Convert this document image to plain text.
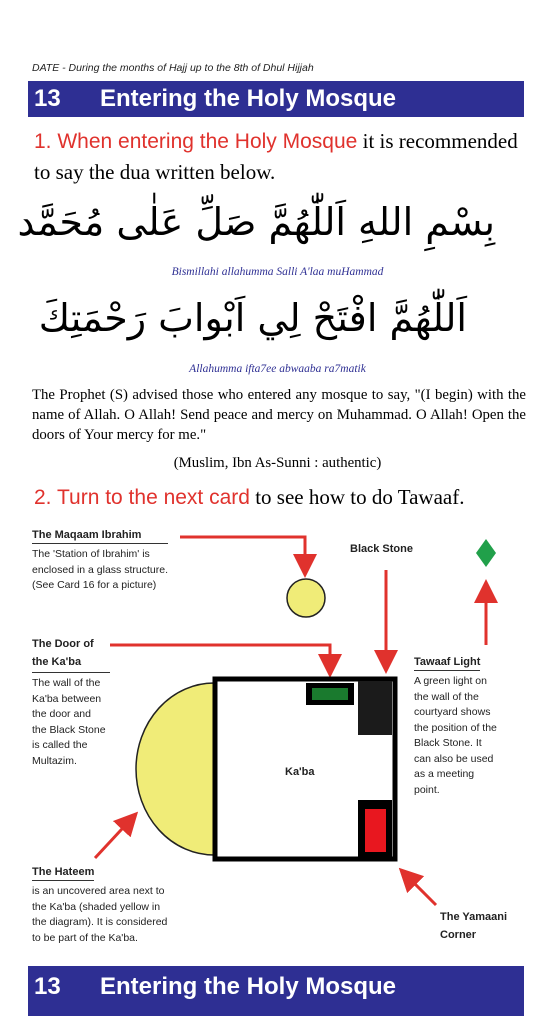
DATE - During the months of Hajj up to the 8th of Dhul Hijjah
13 Entering the Holy Mosque
1. When entering the Holy Mosque it is recommended to say the dua written below.
بِسْمِ اللهِ اَللّٰهُمَّ صَلِّ عَلٰى مُحَمَّد
Bismillahi allahumma Salli A'laa muHammad
اَللّٰهُمَّ افْتَحْ لِي اَبْوابَ رَحْمَتِكَ
Allahumma ifta7ee abwaaba ra7matik
The Prophet (S) advised those who entered any mosque to say, "(I begin) with the name of Allah. O Allah! Send peace and mercy on Muhammad. O Allah! Open the doors of Your mercy for me."
(Muslim, Ibn As-Sunni : authentic)
2. Turn to the next card to see how to do Tawaaf.
The Maqaam Ibrahim
The 'Station of Ibrahim' is
enclosed in a glass structure.
(See Card 16 for a picture)
Black Stone
The Door of
the Ka'ba
The wall of the
Ka'ba between
the door and
the Black Stone
is called the
Multazim.
Tawaaf Light
A green light on
the wall of the
courtyard shows
the position of the
Black Stone. It
can also be used
as a meeting
point.
Ka'ba
The Hateem
is an uncovered area next to
the Ka'ba (shaded yellow in
the diagram). It is considered
to be part of the Ka'ba.
The Yamaani
Corner
13 Entering the Holy Mosque
